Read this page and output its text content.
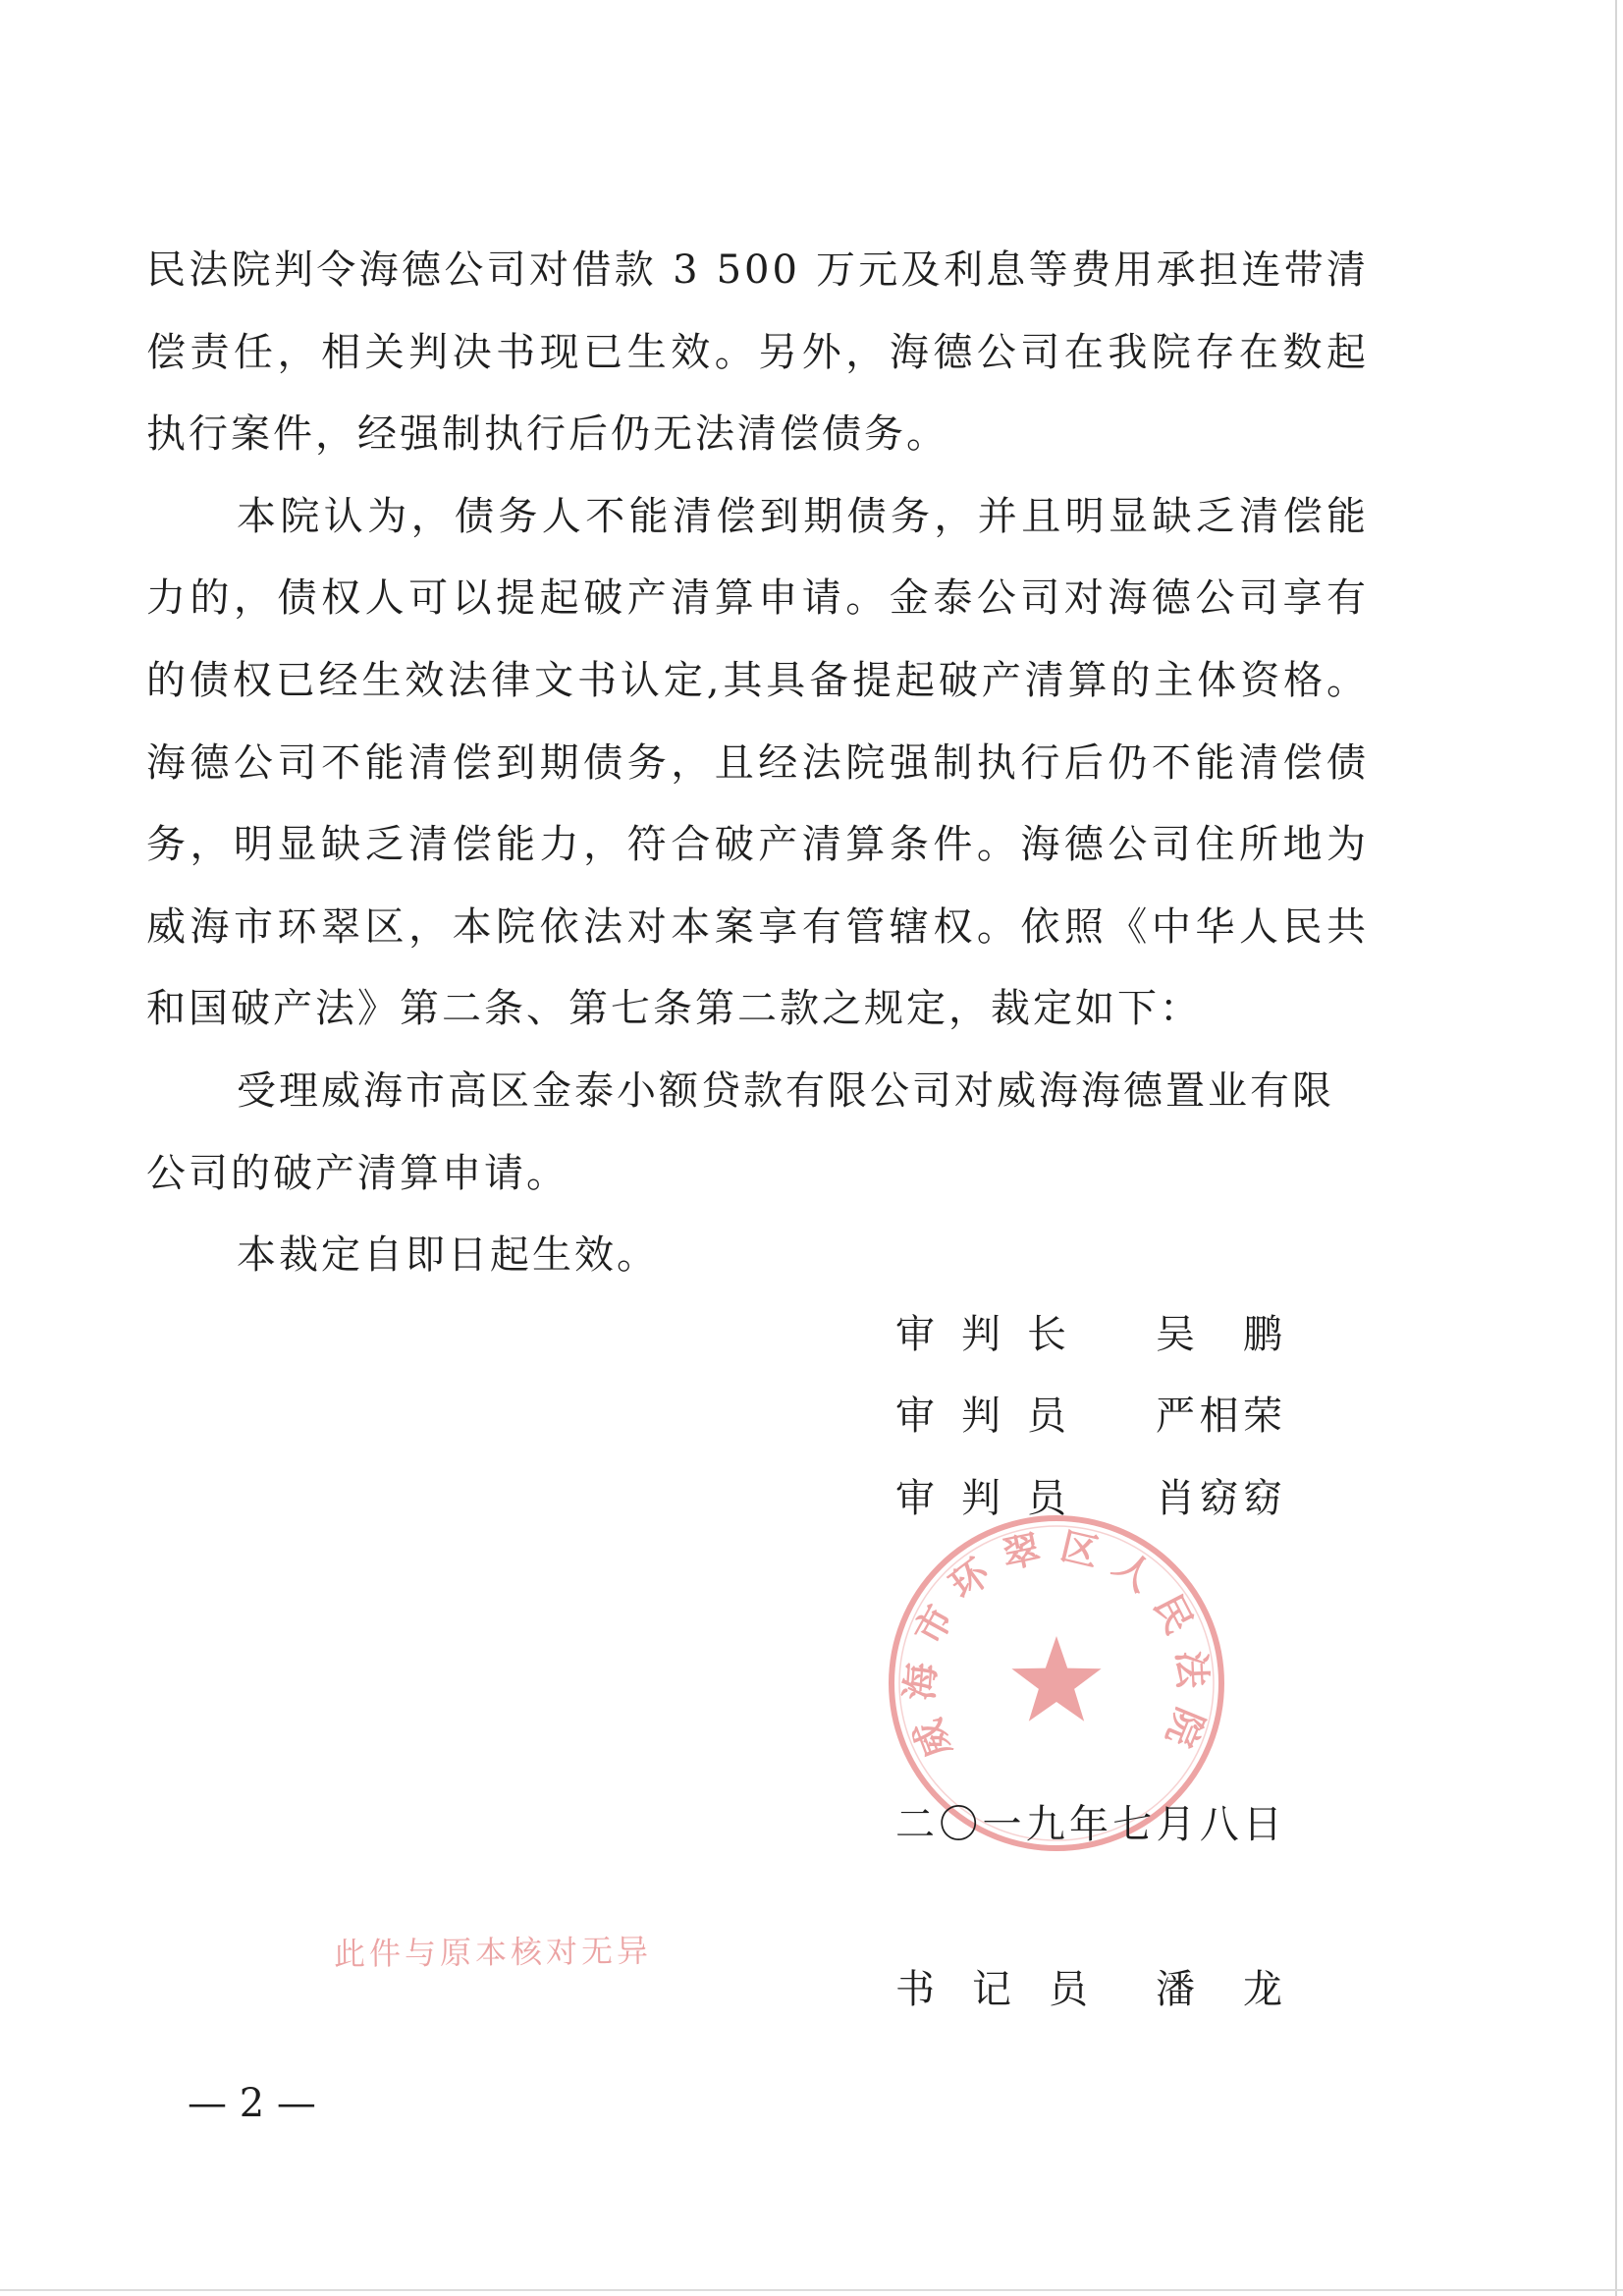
民法院判令海德公司对借款 3 500 万元及利息等费用承担连带清
偿责任，相关判决书现已生效。另外，海德公司在我院存在数起
执行案件，经强制执行后仍无法清偿债务。
本院认为，债务人不能清偿到期债务，并且明显缺乏清偿能
力的，债权人可以提起破产清算申请。金泰公司对海德公司享有
的债权已经生效法律文书认定,其具备提起破产清算的主体资格。
海德公司不能清偿到期债务，且经法院强制执行后仍不能清偿债
务，明显缺乏清偿能力，符合破产清算条件。海德公司住所地为
威海市环翠区，本院依法对本案享有管辖权。依照《中华人民共
和国破产法》第二条、第七条第二款之规定，裁定如下：
受理威海市高区金泰小额贷款有限公司对威海海德置业有限
公司的破产清算申请。
本裁定自即日起生效。
威海市环翠区人民法院
审判长 吴鹏
审判员 严相荣
审判员 肖窈窈
二〇一九年七月八日
此件与原本核对无异
书记员 潘龙
— 2 —
